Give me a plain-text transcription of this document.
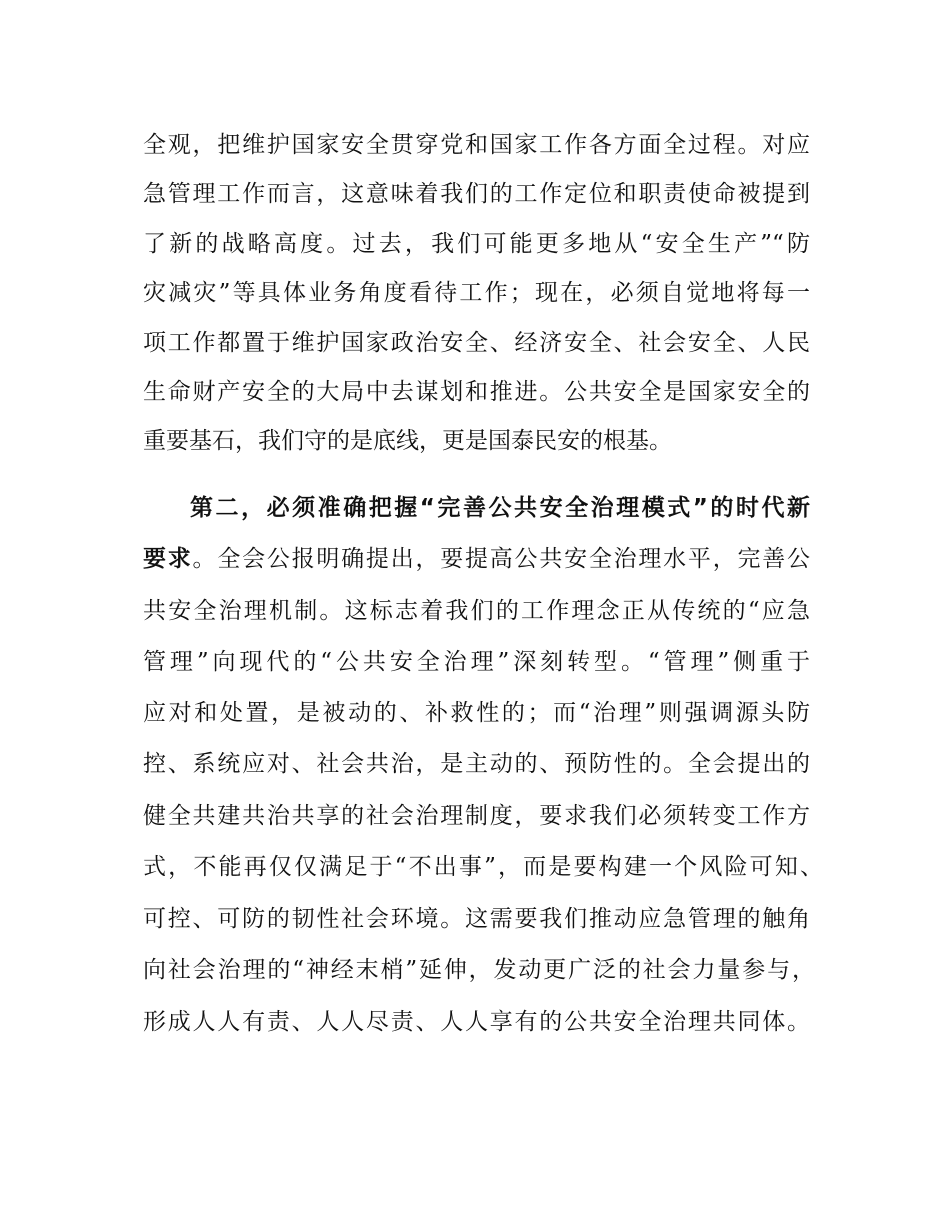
全观，把维护国家安全贯穿党和国家工作各方面全过程。对应
急管理工作而言，这意味着我们的工作定位和职责使命被提到
了新的战略高度。过去，我们可能更多地从“安全生产”“防
灾减灾”等具体业务角度看待工作；现在，必须自觉地将每一
项工作都置于维护国家政治安全、经济安全、社会安全、人民
生命财产安全的大局中去谋划和推进。公共安全是国家安全的
重要基石，我们守的是底线，更是国泰民安的根基。
第二，必须准确把握“完善公共安全治理模式”的时代新
要求。全会公报明确提出，要提高公共安全治理水平，完善公
共安全治理机制。这标志着我们的工作理念正从传统的“应急
管理”向现代的“公共安全治理”深刻转型。“管理”侧重于
应对和处置，是被动的、补救性的；而“治理”则强调源头防
控、系统应对、社会共治，是主动的、预防性的。全会提出的
健全共建共治共享的社会治理制度，要求我们必须转变工作方
式，不能再仅仅满足于“不出事”，而是要构建一个风险可知、
可控、可防的韧性社会环境。这需要我们推动应急管理的触角
向社会治理的“神经末梢”延伸，发动更广泛的社会力量参与，
形成人人有责、人人尽责、人人享有的公共安全治理共同体。
